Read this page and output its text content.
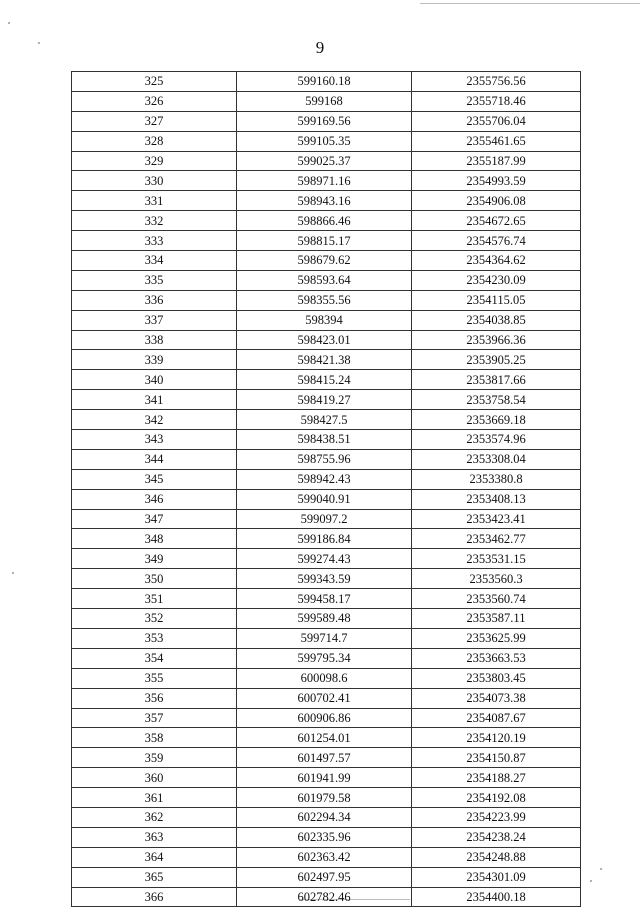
9
325	599160.18	2355756.56
326	599168	2355718.46
327	599169.56	2355706.04
328	599105.35	2355461.65
329	599025.37	2355187.99
330	598971.16	2354993.59
331	598943.16	2354906.08
332	598866.46	2354672.65
333	598815.17	2354576.74
334	598679.62	2354364.62
335	598593.64	2354230.09
336	598355.56	2354115.05
337	598394	2354038.85
338	598423.01	2353966.36
339	598421.38	2353905.25
340	598415.24	2353817.66
341	598419.27	2353758.54
342	598427.5	2353669.18
343	598438.51	2353574.96
344	598755.96	2353308.04
345	598942.43	2353380.8
346	599040.91	2353408.13
347	599097.2	2353423.41
348	599186.84	2353462.77
349	599274.43	2353531.15
350	599343.59	2353560.3
351	599458.17	2353560.74
352	599589.48	2353587.11
353	599714.7	2353625.99
354	599795.34	2353663.53
355	600098.6	2353803.45
356	600702.41	2354073.38
357	600906.86	2354087.67
358	601254.01	2354120.19
359	601497.57	2354150.87
360	601941.99	2354188.27
361	601979.58	2354192.08
362	602294.34	2354223.99
363	602335.96	2354238.24
364	602363.42	2354248.88
365	602497.95	2354301.09
366	602782.46	2354400.18
